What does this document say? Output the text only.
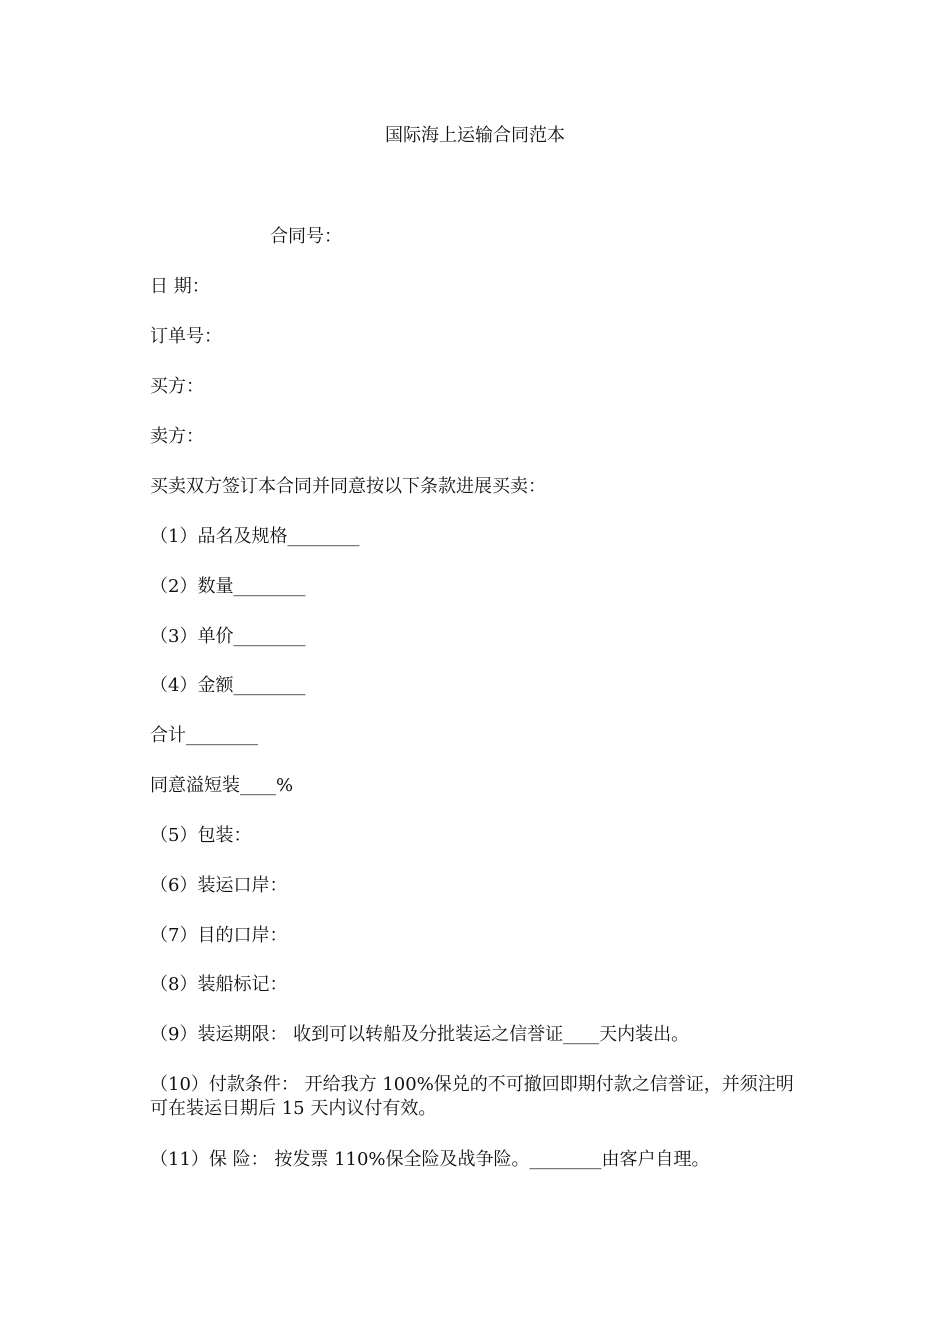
国际海上运输合同范本
合同号：
日 期：
订单号：
买方：
卖方：
买卖双方签订本合同并同意按以下条款进展买卖：
（1）品名及规格________
（2）数量________
（3）单价________
（4）金额________
合计________
同意溢短装____%
（5）包装：
（6）装运口岸：
（7）目的口岸：
（8）装船标记：
（9）装运期限： 收到可以转船及分批装运之信誉证____天内装出。
（10）付款条件： 开给我方 100%保兑的不可撤回即期付款之信誉证，并须注明可在装运日期后 15 天内议付有效。
（11）保 险： 按发票 110%保全险及战争险。________由客户自理。
